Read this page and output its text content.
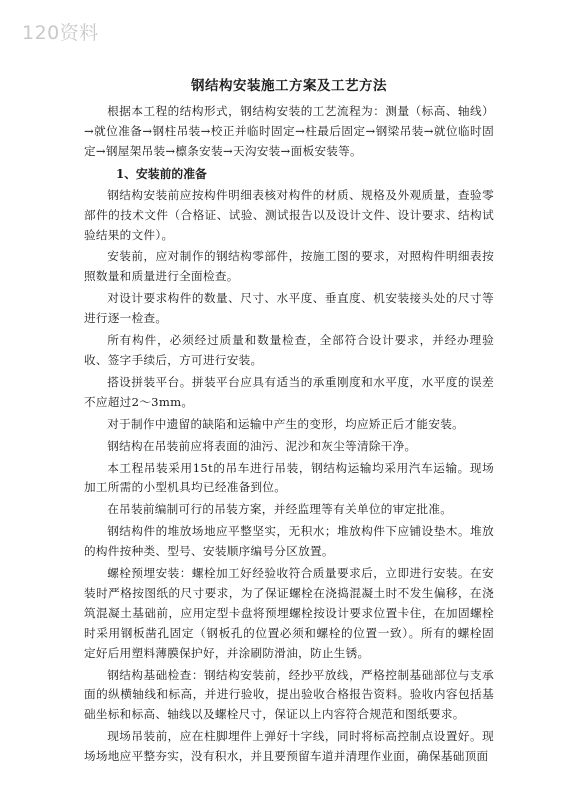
120资料
钢结构安装施工方案及工艺方法

根据本工程的结构形式，钢结构安装的工艺流程为：测量（标高、轴线）→就位准备→钢柱吊装→校正并临时固定→柱最后固定→钢梁吊装→就位临时固定→钢屋架吊装→檩条安装→天沟安装→面板安装等。

1、安装前的准备

钢结构安装前应按构件明细表核对构件的材质、规格及外观质量，查验零部件的技术文件（合格证、试验、测试报告以及设计文件、设计要求、结构试验结果的文件）。

安装前，应对制作的钢结构零部件，按施工图的要求，对照构件明细表按照数量和质量进行全面检查。

对设计要求构件的数量、尺寸、水平度、垂直度、机安装接头处的尺寸等进行逐一检查。

所有构件，必须经过质量和数量检查，全部符合设计要求，并经办理验收、签字手续后，方可进行安装。

搭设拼装平台。拼装平台应具有适当的承重刚度和水平度，水平度的误差不应超过2～3mm。

对于制作中遗留的缺陷和运输中产生的变形，均应矫正后才能安装。

钢结构在吊装前应将表面的油污、泥沙和灰尘等清除干净。

本工程吊装采用15t的吊车进行吊装，钢结构运输均采用汽车运输。现场加工所需的小型机具均已经准备到位。

在吊装前编制可行的吊装方案，并经监理等有关单位的审定批准。

钢结构件的堆放场地应平整坚实，无积水；堆放构件下应铺设垫木。堆放的构件按种类、型号、安装顺序编号分区放置。

螺栓预埋安装：螺栓加工好经验收符合质量要求后，立即进行安装。在安装时严格按图纸的尺寸要求，为了保证螺栓在浇捣混凝土时不发生偏移，在浇筑混凝土基础前，应用定型卡盘将预埋螺栓按设计要求位置卡住，在加固螺栓时采用钢板凿孔固定（钢板孔的位置必须和螺栓的位置一致）。所有的螺栓固定好后用塑料薄膜保护好，并涂刷防滑油，防止生锈。

钢结构基础检查：钢结构安装前，经抄平放线，严格控制基础部位与支承面的纵横轴线和标高，并进行验收，提出验收合格报告资料。验收内容包括基础坐标和标高、轴线以及螺栓尺寸，保证以上内容符合规范和图纸要求。

现场吊装前，应在柱脚埋件上弹好十字线，同时将标高控制点设置好。现场场地应平整夯实，没有积水，并且要预留车道并清理作业面，确保基础顶面
